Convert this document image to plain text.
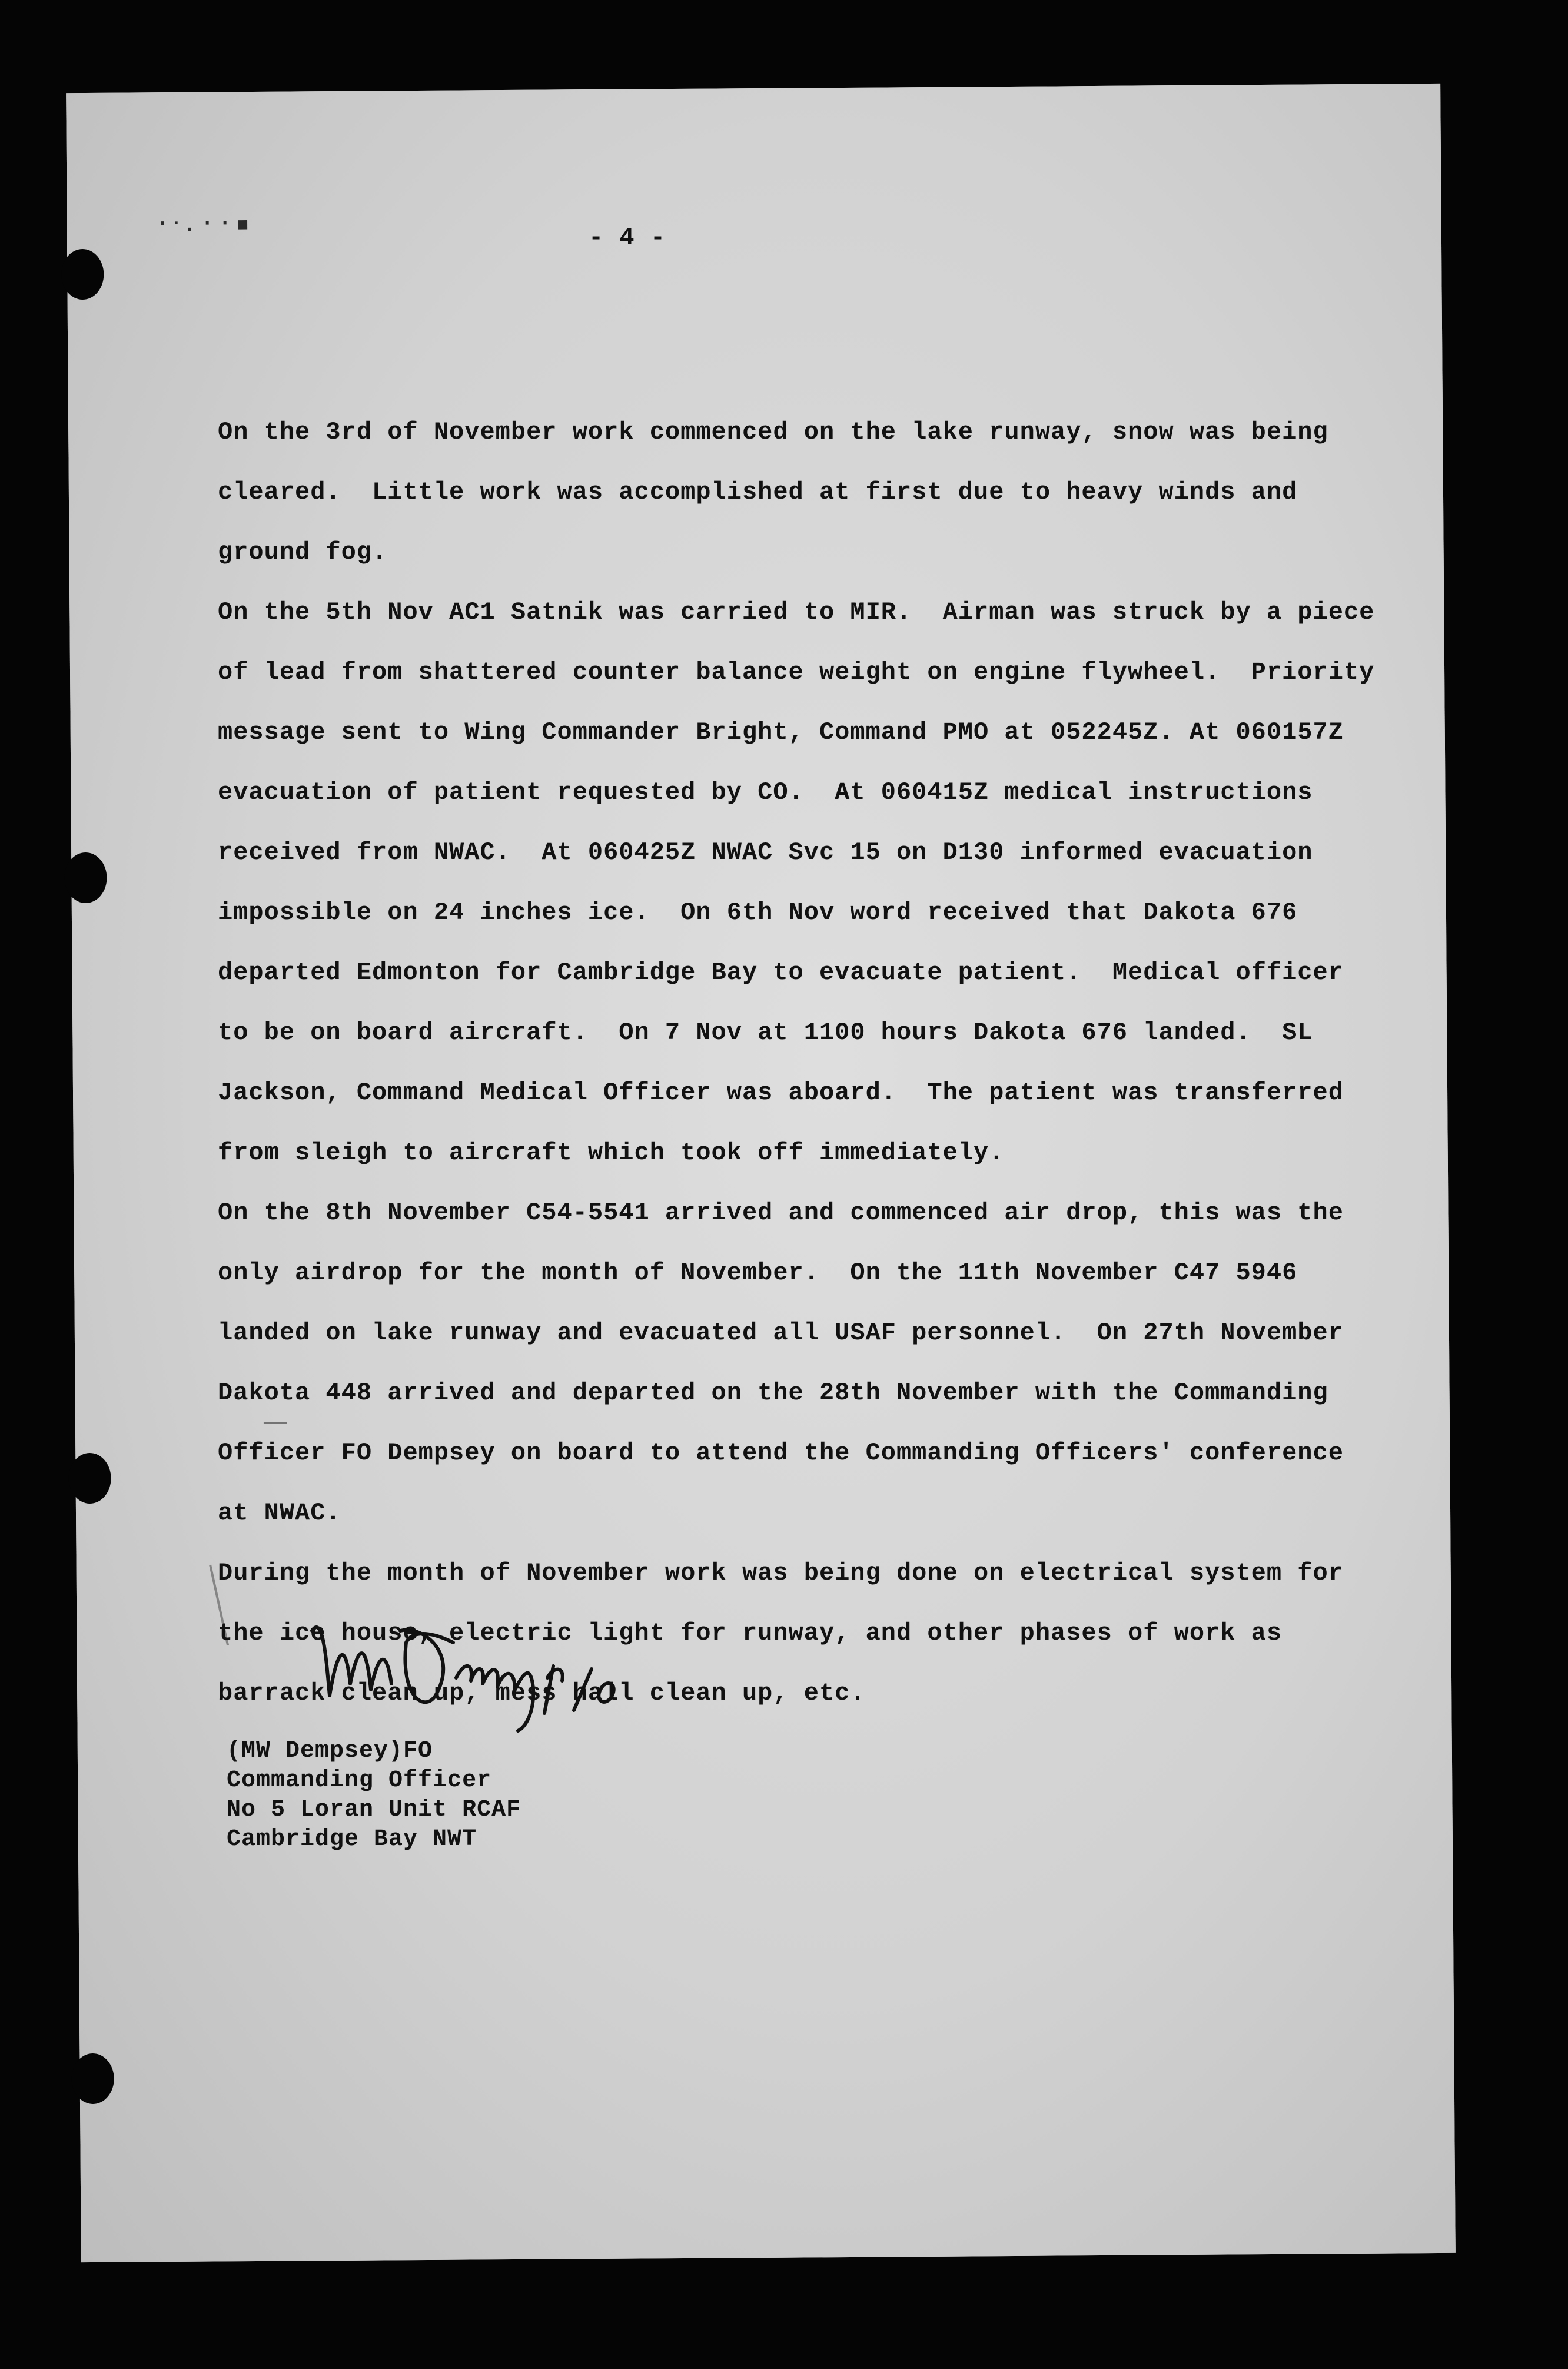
·ᐧ.··▪

- 4 -

On the 3rd of November work commenced on the lake runway, snow was being

cleared.  Little work was accomplished at first due to heavy winds and

ground fog.

On the 5th Nov AC1 Satnik was carried to MIR.  Airman was struck by a piece

of lead from shattered counter balance weight on engine flywheel.  Priority

message sent to Wing Commander Bright, Command PMO at 052245Z. At 060157Z

evacuation of patient requested by CO.  At 060415Z medical instructions

received from NWAC.  At 060425Z NWAC Svc 15 on D130 informed evacuation

impossible on 24 inches ice.  On 6th Nov word received that Dakota 676

departed Edmonton for Cambridge Bay to evacuate patient.  Medical officer

to be on board aircraft.  On 7 Nov at 1100 hours Dakota 676 landed.  SL

Jackson, Command Medical Officer was aboard.  The patient was transferred

from sleigh to aircraft which took off immediately.

On the 8th November C54-5541 arrived and commenced air drop, this was the

only airdrop for the month of November.  On the 11th November C47 5946

landed on lake runway and evacuated all USAF personnel.  On 27th November

Dakota 448 arrived and departed on the 28th November with the Commanding

Officer FO Dempsey on board to attend the Commanding Officers' conference

at NWAC.

During the month of November work was being done on electrical system for

the ice house, electric light for runway, and other phases of work as

barrack clean up, mess hall clean up, etc.

(MW Dempsey)FO

Commanding Officer

No 5 Loran Unit RCAF

Cambridge Bay NWT
